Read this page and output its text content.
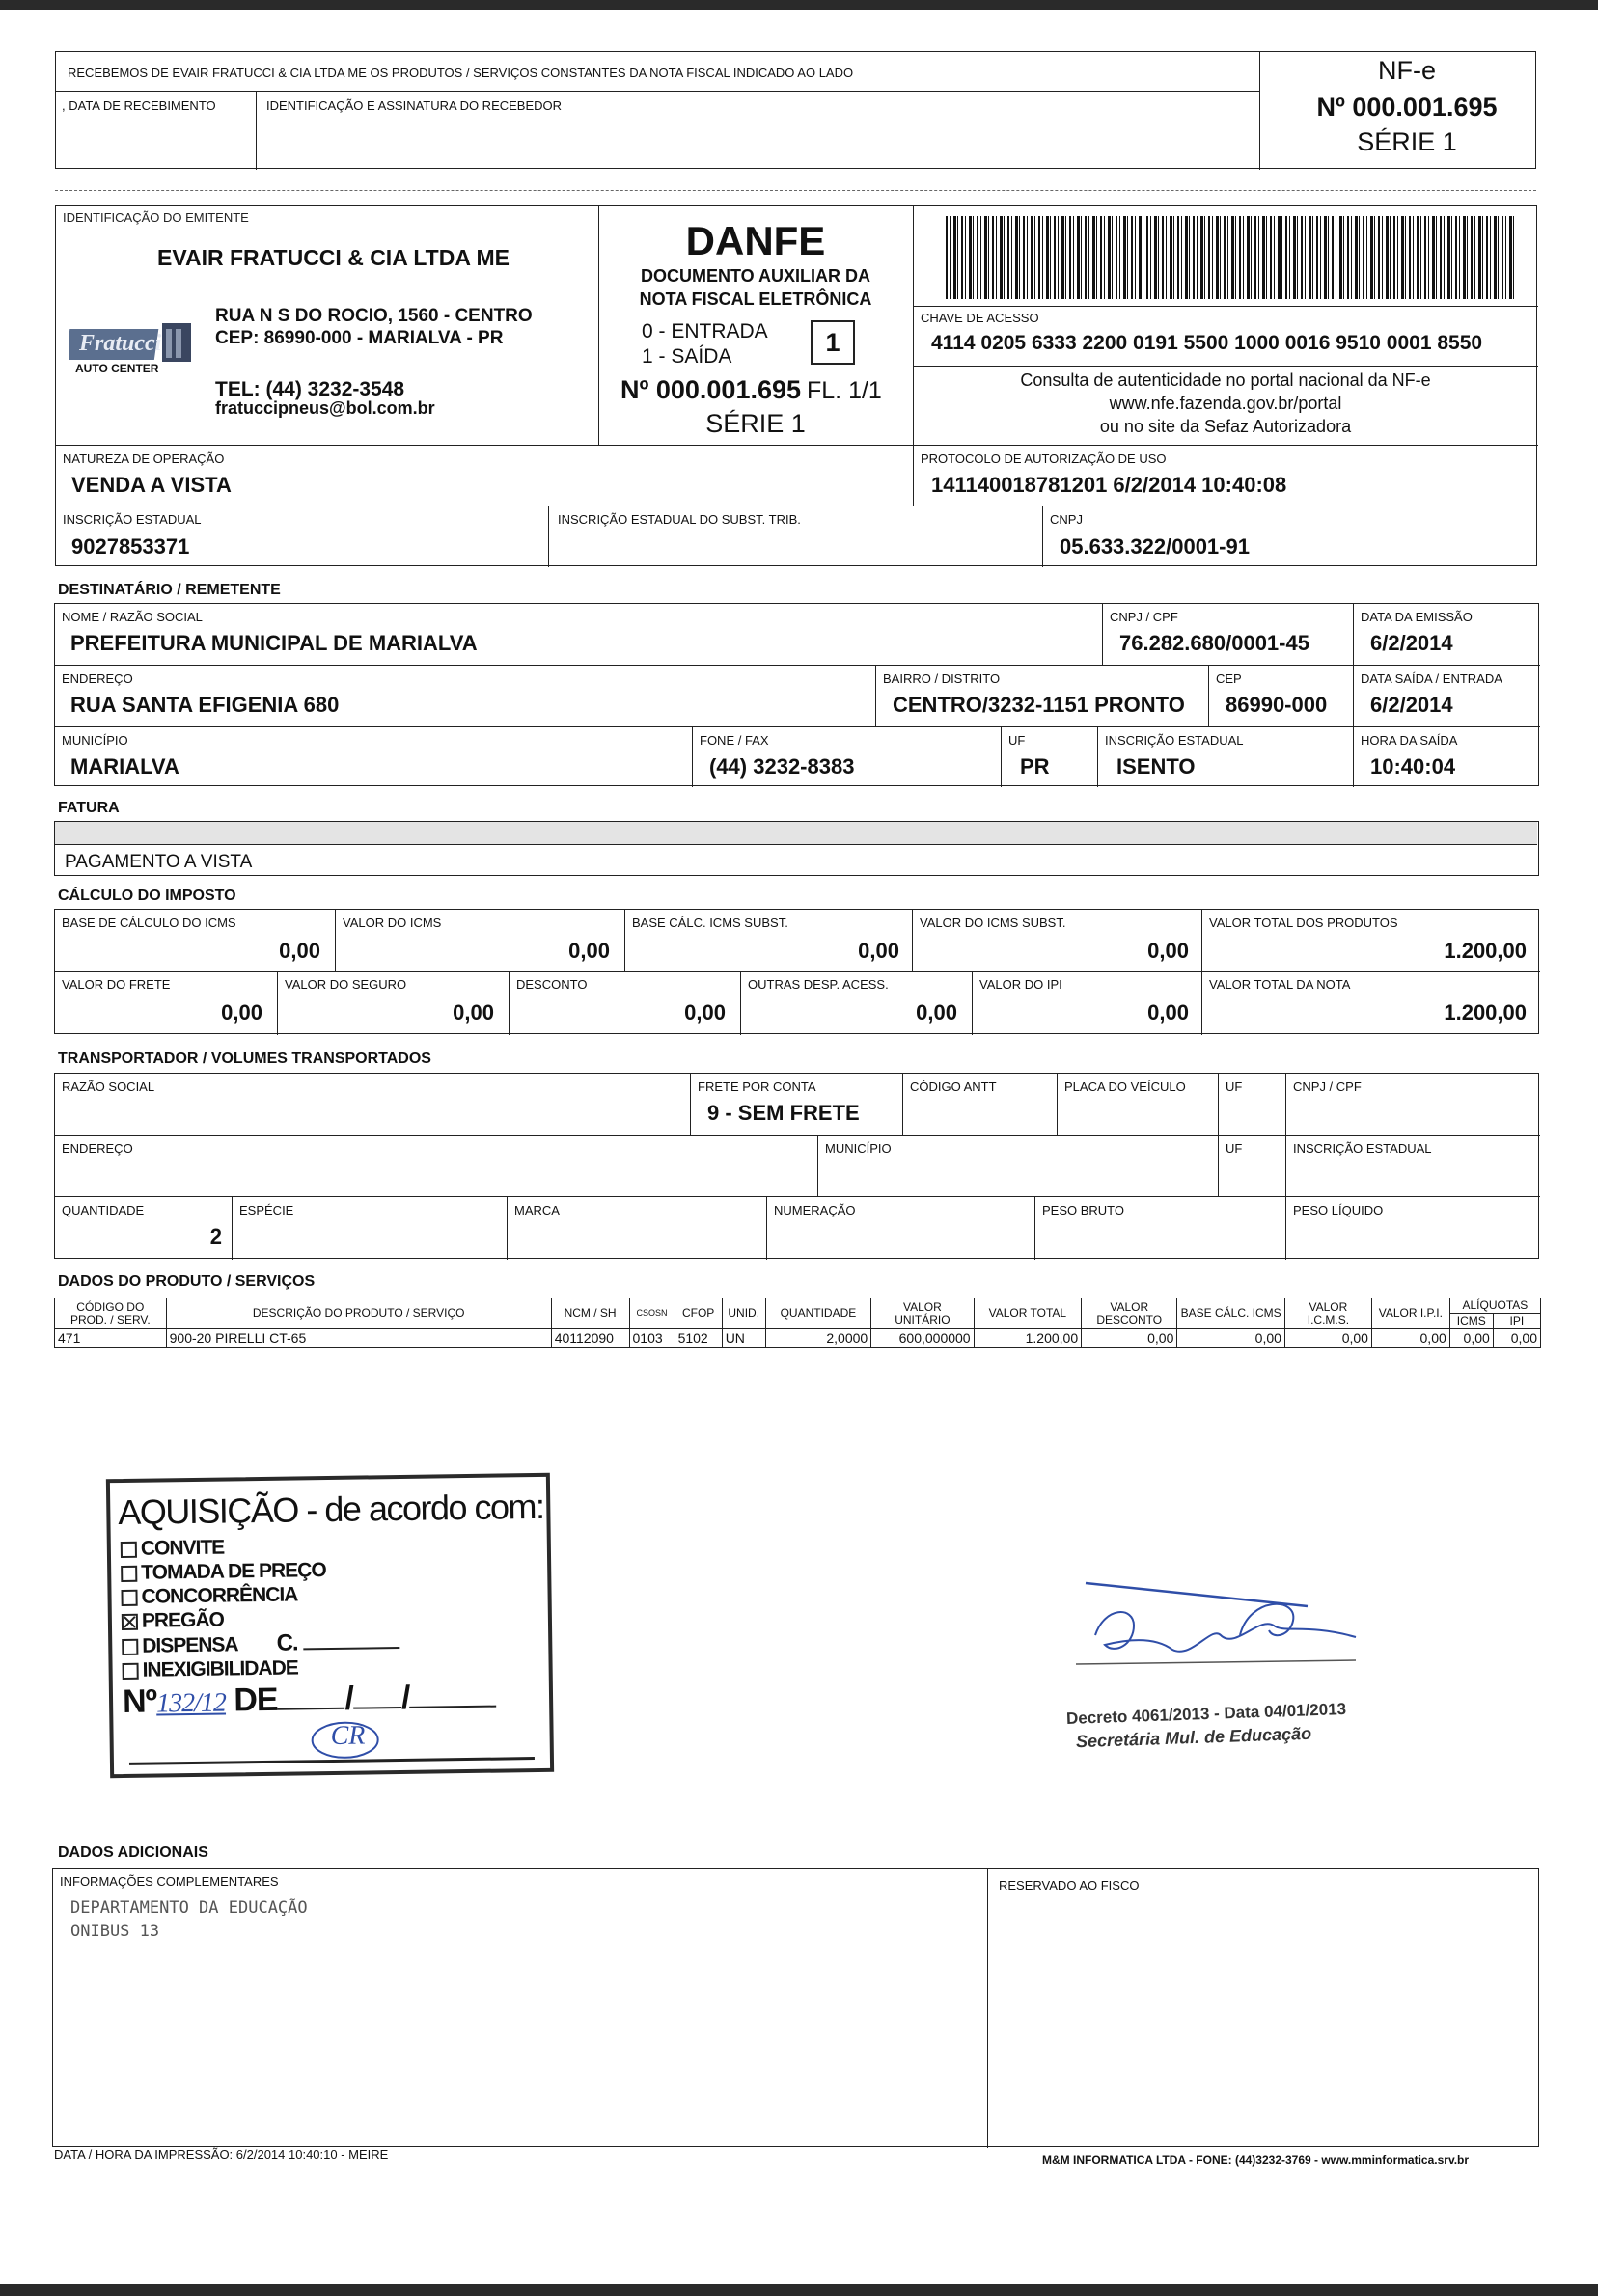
RECEBEMOS DE EVAIR FRATUCCI & CIA LTDA ME OS PRODUTOS / SERVIÇOS CONSTANTES DA NOTA FISCAL INDICADO AO LADO
, DATA DE RECEBIMENTO	IDENTIFICAÇÃO E ASSINATURA DO RECEBEDOR
NF-e
Nº 000.001.695
SÉRIE 1
IDENTIFICAÇÃO DO EMITENTE
EVAIR FRATUCCI & CIA LTDA ME
Fratucci
AUTO CENTER
RUA N S DO ROCIO, 1560 - CENTRO
CEP: 86990-000 - MARIALVA - PR
TEL: (44) 3232-3548
fratuccipneus@bol.com.br
DANFE
DOCUMENTO AUXILIAR DA
NOTA FISCAL ELETRÔNICA
0 - ENTRADA
1 - SAÍDA	1
Nº 000.001.695 FL. 1/1
SÉRIE 1
CHAVE DE ACESSO
4114 0205 6333 2200 0191 5500 1000 0016 9510 0001 8550
Consulta de autenticidade no portal nacional da NF-e
www.nfe.fazenda.gov.br/portal
ou no site da Sefaz Autorizadora
NATUREZA DE OPERAÇÃO
VENDA A VISTA
PROTOCOLO DE AUTORIZAÇÃO DE USO
141140018781201 6/2/2014 10:40:08
INSCRIÇÃO ESTADUAL
9027853371
INSCRIÇÃO ESTADUAL DO SUBST. TRIB.	CNPJ
05.633.322/0001-91
DESTINATÁRIO / REMETENTE
NOME / RAZÃO SOCIAL
PREFEITURA MUNICIPAL DE MARIALVA
CNPJ / CPF
76.282.680/0001-45
DATA DA EMISSÃO
6/2/2014
ENDEREÇO
RUA SANTA EFIGENIA 680
BAIRRO / DISTRITO
CENTRO/3232-1151 PRONTO
CEP
86990-000
DATA SAÍDA / ENTRADA
6/2/2014
MUNICÍPIO
MARIALVA
FONE / FAX
(44) 3232-8383
UF
PR
INSCRIÇÃO ESTADUAL
ISENTO
HORA DA SAÍDA
10:40:04
FATURA
PAGAMENTO A VISTA
CÁLCULO DO IMPOSTO
BASE DE CÁLCULO DO ICMS
0,00
VALOR DO ICMS
0,00
BASE CÁLC. ICMS SUBST.
0,00
VALOR DO ICMS SUBST.
0,00
VALOR TOTAL DOS PRODUTOS
1.200,00
VALOR DO FRETE
0,00
VALOR DO SEGURO
0,00
DESCONTO
0,00
OUTRAS DESP. ACESS.
0,00
VALOR DO IPI
0,00
VALOR TOTAL DA NOTA
1.200,00
TRANSPORTADOR / VOLUMES TRANSPORTADOS
RAZÃO SOCIAL	FRETE POR CONTA
9 - SEM FRETE
CÓDIGO ANTT	PLACA DO VEÍCULO	UF	CNPJ / CPF
ENDEREÇO	MUNICÍPIO	UF	INSCRIÇÃO ESTADUAL
QUANTIDADE
2
ESPÉCIE	MARCA	NUMERAÇÃO	PESO BRUTO	PESO LÍQUIDO
DADOS DO PRODUTO / SERVIÇOS
CÓDIGO DO PROD. / SERV.	DESCRIÇÃO DO PRODUTO / SERVIÇO	NCM / SH	CSOSN	CFOP	UNID.	QUANTIDADE	VALOR UNITÁRIO	VALOR TOTAL	VALOR DESCONTO	BASE CÁLC. ICMS	VALOR I.C.M.S.	VALOR I.P.I.	ALÍQUOTAS	
													ICMS	IPI
471	900-20 PIRELLI CT-65	40112090	0103	5102	UN	2,0000	600,000000	1.200,00	0,00	0,00	0,00	0,00	0,00	0,00
AQUISIÇÃO - de acordo com:
CONVITE
TOMADA DE PREÇO
CONCORRÊNCIA
PREGÃO
DISPENSA C.
INEXIGIBILIDADE
Nº132/12 DE / /
CR
Decreto 4061/2013 - Data 04/01/2013
Secretária Mul. de Educação
DADOS ADICIONAIS
INFORMAÇÕES COMPLEMENTARES
DEPARTAMENTO DA EDUCAÇÃO
ONIBUS 13
RESERVADO AO FISCO
DATA / HORA DA IMPRESSÃO: 6/2/2014 10:40:10 - MEIRE	M&M INFORMATICA LTDA - FONE: (44)3232-3769 - www.mminformatica.srv.br
